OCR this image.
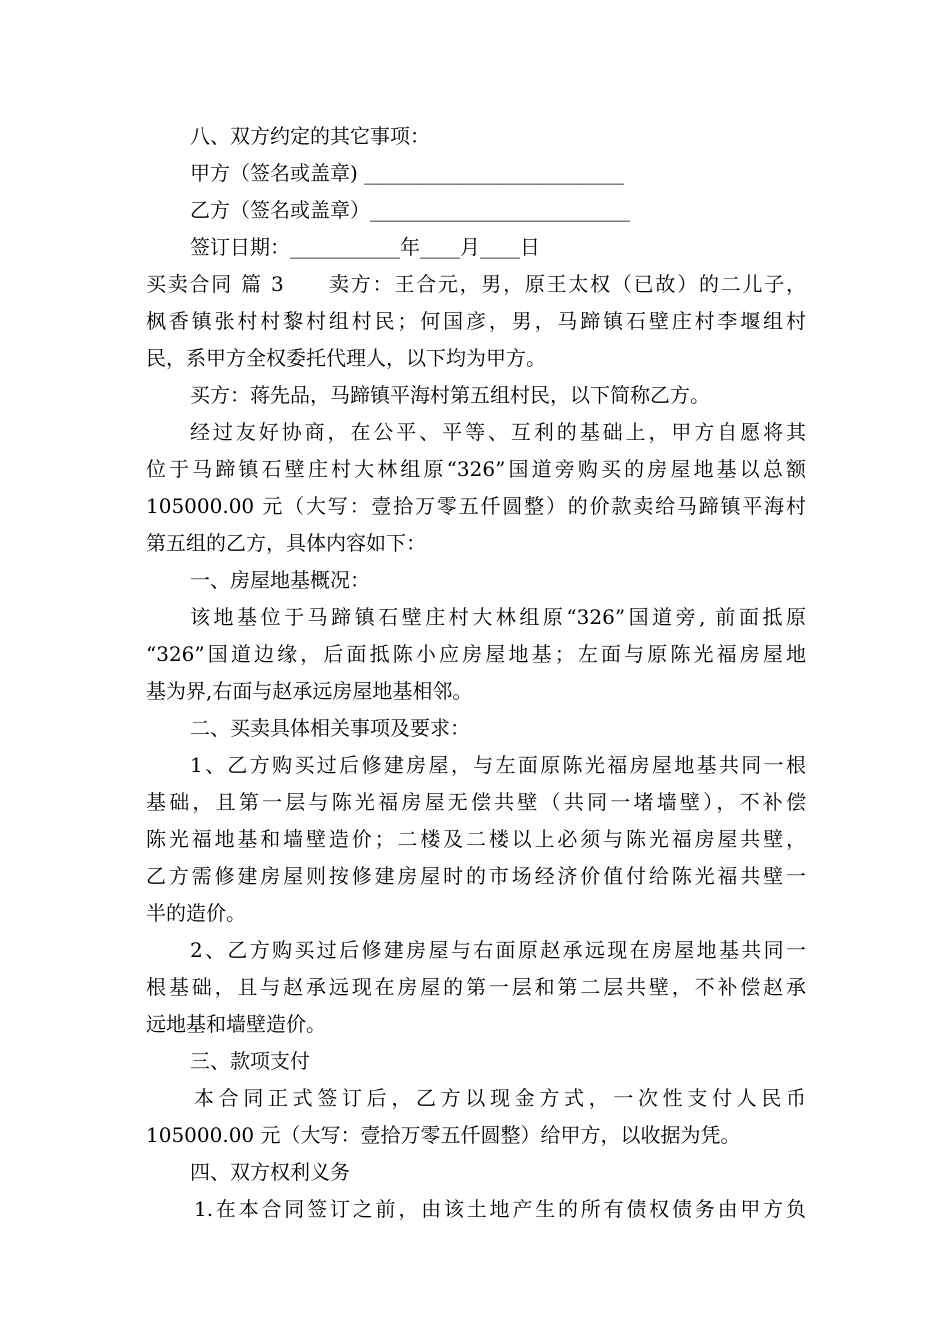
八、双方约定的其它事项：
甲方（签名或盖章) __________________________
乙方（签名或盖章）__________________________
签订日期：___________年____月____日
买卖合同 篇 3　　卖方：王合元，男，原王太权（已故）的二儿子，
枫香镇张村村黎村组村民；何国彦，男，马蹄镇石壁庄村李堰组村
民，系甲方全权委托代理人，以下均为甲方。
买方：蒋先品，马蹄镇平海村第五组村民，以下简称乙方。
经过友好协商，在公平、平等、互利的基础上，甲方自愿将其
位于马蹄镇石壁庄村大林组原“326”国道旁购买的房屋地基以总额
105000.00 元（大写：壹拾万零五仟圆整）的价款卖给马蹄镇平海村
第五组的乙方，具体内容如下：
一、房屋地基概况：
该地基位于马蹄镇石壁庄村大林组原“326”国道旁, 前面抵原
“326”国道边缘，后面抵陈小应房屋地基；左面与原陈光福房屋地
基为界,右面与赵承远房屋地基相邻。
二、买卖具体相关事项及要求：
1、乙方购买过后修建房屋，与左面原陈光福房屋地基共同一根
基础，且第一层与陈光福房屋无偿共壁（共同一堵墙壁），不补偿
陈光福地基和墙壁造价；二楼及二楼以上必须与陈光福房屋共壁，
乙方需修建房屋则按修建房屋时的市场经济价值付给陈光福共壁一
半的造价。
2、乙方购买过后修建房屋与右面原赵承远现在房屋地基共同一
根基础，且与赵承远现在房屋的第一层和第二层共壁，不补偿赵承
远地基和墙壁造价。
三、款项支付
本合同正式签订后，乙方以现金方式，一次性支付人民币
105000.00 元（大写：壹拾万零五仟圆整）给甲方，以收据为凭。
四、双方权利义务
1.在本合同签订之前，由该土地产生的所有债权债务由甲方负
